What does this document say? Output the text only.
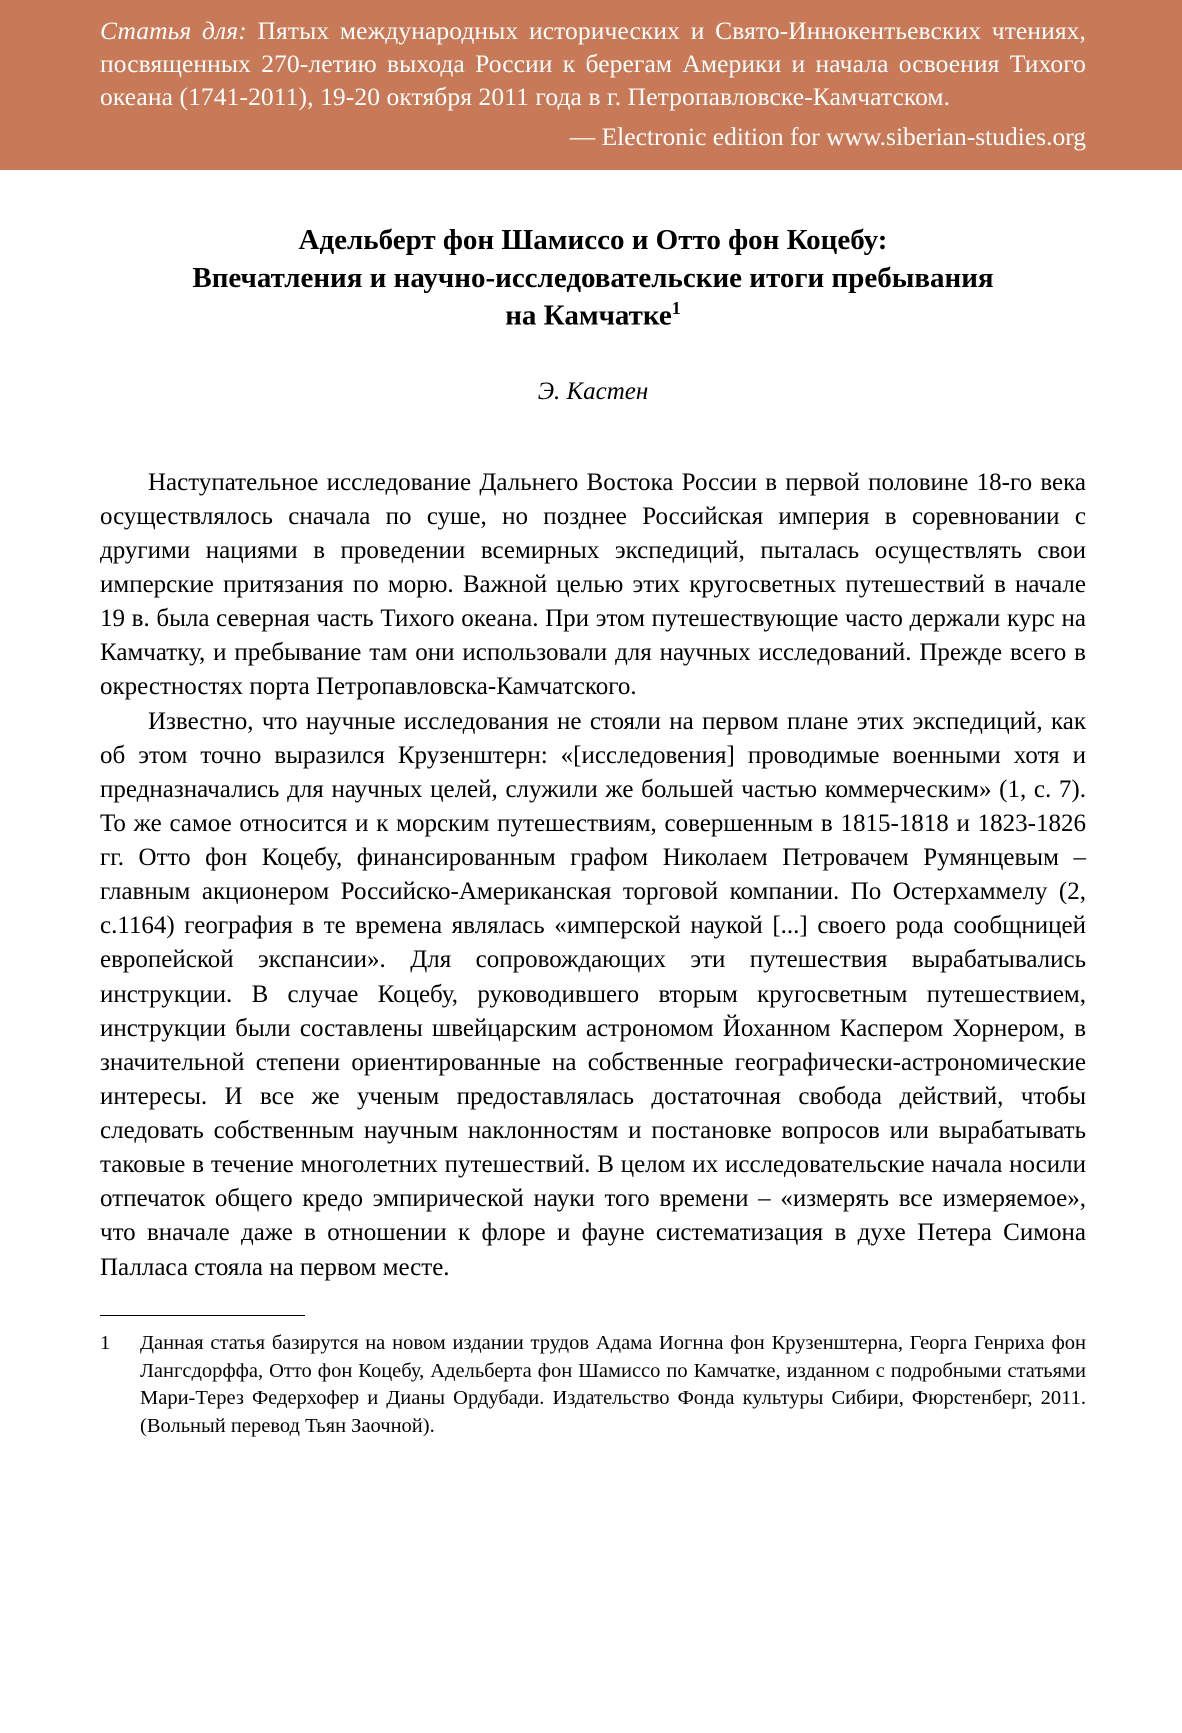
Статья для: Пятых международных исторических и Свято-Иннокентьевских чтениях, посвященных 270-летию выхода России к берегам Америки и начала освоения Тихого океана (1741-2011), 19-20 октября 2011 года в г. Петропавловске-Камчатском.

— Electronic edition for www.siberian-studies.org

Адельберт фон Шамиссо и Отто фон Коцебу:
Впечатления и научно-исследовательские итоги пребывания
на Камчатке$^1$
Э. Кастен

Наступательное исследование Дальнего Востока России в первой половине 18-го века осуществлялось сначала по суше, но позднее Российская империя в соревновании с другими нациями в проведении всемирных экспедиций, пыталась осуществлять свои имперские притязания по морю. Важной целью этих кругосветных путешествий в начале 19 в. была северная часть Тихого океана. При этом путешествующие часто держали курс на Камчатку, и пребывание там они использовали для научных исследований. Прежде всего в окрестностях порта Петропавловска-Камчатского.

Известно, что научные исследования не стояли на первом плане этих экспедиций, как об этом точно выразился Крузенштерн: «[исследовения] проводимые военными хотя и предназначались для научных целей, служили же большей частью коммерческим» (1, с. 7). То же самое относится и к морским путешествиям, совершенным в 1815-1818 и 1823-1826 гг. Отто фон Коцебу, финансированным графом Николаем Петровачем Румянцевым – главным акционером Российско-Американская торговой компании. По Остерхаммелу (2, с.1164) география в те времена являлась «имперской наукой [...] своего рода сообщницей европейской экспансии». Для сопровождающих эти путешествия вырабатывались инструкции. В случае Коцебу, руководившего вторым кругосветным путешествием, инструкции были составлены швейцарским астрономом Йоханном Каспером Хорнером, в значительной степени ориентированные на собственные географически-астрономические интересы. И все же ученым предоставлялась достаточная свобода действий, чтобы следовать собственным научным наклонностям и постановке вопросов или вырабатывать таковые в течение многолетних путешествий. В целом их исследовательские начала носили отпечаток общего кредо эмпирической науки того времени – «измерять все измеряемое», что вначале даже в отношении к флоре и фауне систематизация в духе Петера Симона Палласа стояла на первом месте.

1	Данная статья базирутся на новом издании трудов Адама Иогнна фон Крузенштерна, Георга Генриха фон Лангсдорффа, Отто фон Коцебу, Адельберта фон Шамиссо по Камчатке, изданном с подробными статьями Мари-Терез Федерхофер и Дианы Ордубади. Издательство Фонда культуры Сибири, Фюрстенберг, 2011. (Вольный перевод Тьян Заочной).
